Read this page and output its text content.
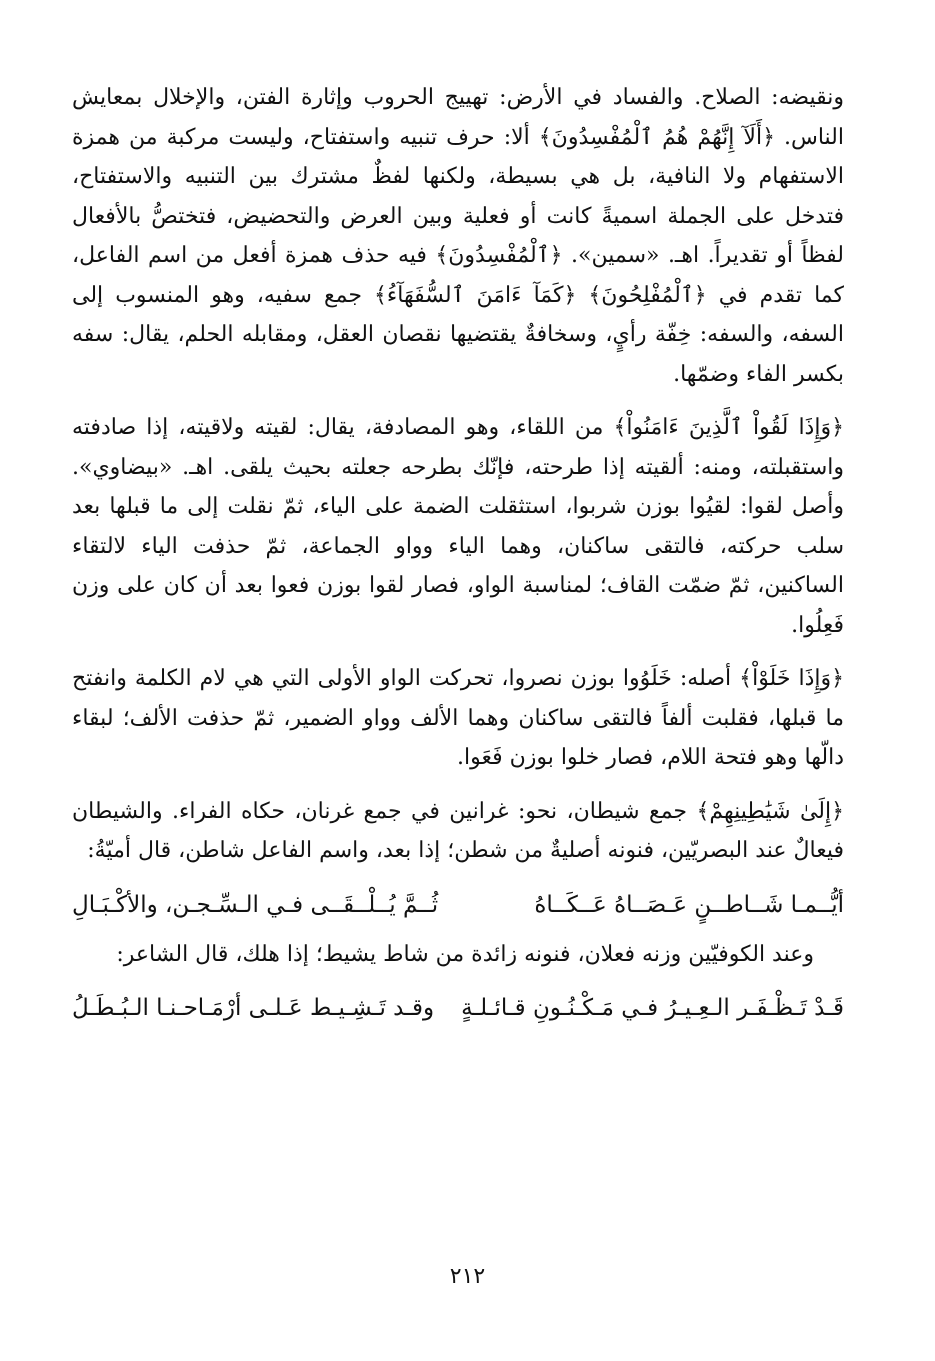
ونقيضه: الصلاح. والفساد في الأرض: تهييج الحروب وإثارة الفتن، والإخلال بمعايش الناس. ﴿أَلَآ إِنَّهُمْ هُمُ ٱلْمُفْسِدُونَ﴾ ألا: حرف تنبيه واستفتاح، وليست مركبة من همزة الاستفهام ولا النافية، بل هي بسيطة، ولكنها لفظٌ مشترك بين التنبيه والاستفتاح، فتدخل على الجملة اسميةً كانت أو فعلية وبين العرض والتحضيض، فتختصُّ بالأفعال لفظاً أو تقديراً. اهـ. «سمين». ﴿ٱلْمُفْسِدُونَ﴾ فيه حذف همزة أفعل من اسم الفاعل، كما تقدم في ﴿ٱلْمُفْلِحُونَ﴾ ﴿كَمَآ ءَامَنَ ٱلسُّفَهَآءُ﴾ جمع سفيه، وهو المنسوب إلى السفه، والسفه: خِفّة رأيٍ، وسخافةٌ يقتضيها نقصان العقل، ومقابله الحلم، يقال: سفه بكسر الفاء وضمّها.

﴿وَإِذَا لَقُواْ ٱلَّذِينَ ءَامَنُواْ﴾ من اللقاء، وهو المصادفة، يقال: لقيته ولاقيته، إذا صادفته واستقبلته، ومنه: ألقيته إذا طرحته، فإنّك بطرحه جعلته بحيث يلقى. اهـ. «بيضاوي». وأصل لقوا: لقيُوا بوزن شربوا، استثقلت الضمة على الياء، ثمّ نقلت إلى ما قبلها بعد سلب حركته، فالتقى ساكنان، وهما الياء وواو الجماعة، ثمّ حذفت الياء لالتقاء الساكنين، ثمّ ضمّت القاف؛ لمناسبة الواو، فصار لقوا بوزن فعوا بعد أن كان على وزن فَعِلُوا.

﴿وَإِذَا خَلَوْاْ﴾ أصله: خَلَوُوا بوزن نصروا، تحركت الواو الأولى التي هي لام الكلمة وانفتح ما قبلها، فقلبت ألفاً فالتقى ساكنان وهما الألف وواو الضمير، ثمّ حذفت الألف؛ لبقاء دالّها وهو فتحة اللام، فصار خلوا بوزن فَعَوا.

﴿إِلَىٰ شَيَٰطِينِهِمْ﴾ جمع شيطان، نحو: غرانين في جمع غرنان، حكاه الفراء. والشيطان فيعالٌ عند البصريّين، فنونه أصليةٌ من شطن؛ إذا بعد، واسم الفاعل شاطن، قال أميّةُ:

أيُّــمـا شَــاطــنٍ عَـصَــاهُ عَــكَــاهُ
ثُــمَّ يُــلْــقَــى فـي الـسِّـجـن، والأكْـبَـالِ

وعند الكوفيّين وزنه فعلان، فنونه زائدة من شاط يشيط؛ إذا هلك، قال الشاعر:

قَـدْ تَـظْـفَـر الـعِـيـرُ فـي مَـكْـنُـونِ قـائـلـةٍ
وقـد تَـشِـيـط عَـلـى أرْمَـاحـنـا الـبُـطَـلُ
٢١٢
